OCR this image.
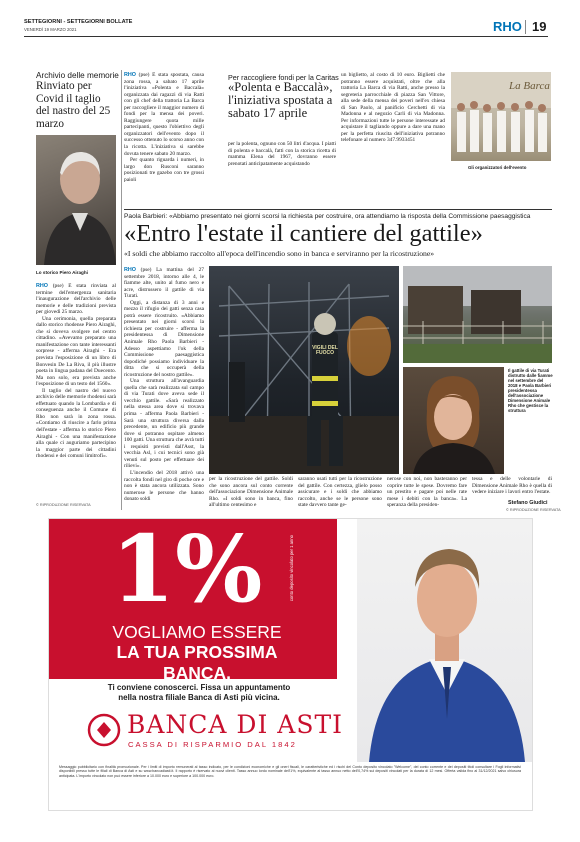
SETTEGIORNI - SETTEGIORNI BOLLATE
VENERDÌ 19 MARZO 2021	RHO 19
Archivio delle memorie
Rinviato per Covid il taglio del nastro del 25 marzo
Lo storico Piero Airaghi

RHO (pse) È stata rinviata al termine dell'emergenza sanitaria l'inaugurazione dell'archivio delle memorie e delle tradizioni prevista per giovedì 25 marzo.

Una cerimonia, quella preparata dallo storico rhodense Piero Airaghi, che si doveva svolgere nel centro cittadino. «Avevamo preparato una manifestazione con tante interessanti sorprese - afferma Airaghi - Era prevista l'esposizione di un libro di Bonvesin De La Riva, il più illustre poeta in lingua padana del Duecento. Ma non solo, era prevista anche l'esposizione di un testo del 1560».

Il taglio del nastro del nuovo archivio delle memorie rhodensi sarà effettuato quando la Lombardia e di conseguenza anche il Comune di Rho non sarà in zona rossa. «Contiamo di riuscire a farlo prima dell'estate - afferma lo storico Piero Airaghi - Con una manifestazione alla quale ci auguriamo partecipino la maggior parte dei cittadini rhodensi e dei comuni limitrofi».

© RIPRODUZIONE RISERVATA

RHO (pse) È stata spostata, causa zona rossa, a sabato 17 aprile l'iniziativa «Polenta e Baccalà» organizzata dai ragazzi di via Ratti con gli chef della trattoria La Barca per raccogliere il maggior numero di fondi per la mensa dei poveri. Raggiungere quota mille partecipanti, questo l'obiettivo degli organizzatori dell'evento dopo il successo ottenuto lo scorso anno con la ricotta. L'iniziativa si sarebbe dovuta tenere sabato 20 marzo.

Per quanto riguarda i numeri, in largo don Rusconi saranno posizionati tre gazebo con tre grossi paioli

Per raccogliere fondi per la Caritas
«Polenta e Baccalà», l'iniziativa spostata a sabato 17 aprile

per la polenta, ognuno con 50 litri d'acqua. I piatti di polenta e baccalà, fatti con la storica ricetta di mamma Elena del 1967, dovranno essere prenotati anticipatamente acquistando

un biglietto, al costo di 10 euro. Biglietti che potranno essere acquistati, oltre che alla trattoria La Barca di via Ratti, anche presso la segreteria parrocchiale di piazza San Vittore, alla sede della mensa dei poveri nell'ex chiesa di San Paolo, al panificio Cerchetti di via Madonna e al negozio Carli di via Madonna. Per informazioni tutte le persone interessate ad acquistare il tagliando oppure a dare una mano per la perfetta riuscita dell'iniziativa potranno telefonare al numero 347.9933451

La Barca
Gli organizzatori dell'evento
Paola Barbieri: «Abbiamo presentato nei giorni scorsi la richiesta per costruire, ora attendiamo la risposta della Commissione paesaggistica
«Entro l'estate il cantiere del gattile»
«I soldi che abbiamo raccolto all'epoca dell'incendio sono in banca e serviranno per la ricostruzione»

RHO (pse) La mattina del 27 settembre 2018, intorno alle 4, le fiamme alte, unito al fumo nero e acre, distrussero il gattile di via Turati.

Oggi, a distanza di 3 anni e mezzo il rifugio dei gatti senza casa potrà essere ricostruito. «Abbiamo presentato nei giorni scorsi la richiesta per costruire - afferma la presidentessa di Dimensione Animale Rho Paola Barbieri - Adesso aspettiamo l'ok della Commissione paesaggistica dopodiché possiamo individuare la ditta che si occuperà della ricostruzione del nostro gattile».

Una struttura all'avanguardia quella che sarà realizzata sul campo di via Turati dove aveva sede il vecchio gattile. «Sarà realizzato nella stessa area dove si trovava prima - afferma Paola Barbieri - Sarà una struttura diversa dalla precedente, un edificio più grande dove si potranno ospitare almeno 100 gatti. Una struttura che avrà tutti i requisiti previsti dall'Asst, la vecchia Asl, i cui tecnici sono già venuti sul posto per effettuare dei rilievi».

L'incendio del 2018 attivò una raccolta fondi nel giro di poche ore e non è stata ancora utilizzata. Sono numerose le persone che hanno donato soldi

VIGILI DEL FUOCO
Il gattile di via Turati distrutto dalle fiamme nel settembre del 2018 e Paola Barbieri presidentessa dell'associazione Dimensione Animale Rho che gestisce la struttura

per la ricostruzione del gattile. Soldi che sono ancora sul conto corrente dell'associazione Dimensione Animale Rho. «I soldi sono in banca, fino all'ultimo centesimo e

saranno usati tutti per la ricostruzione del gattile. Con certezza, glielo posso assicurare e i soldi che abbiamo raccolto, anche se le persone sono state davvero tante ge-

nerose con noi, non basteranno per coprire tutte le spese. Dovremo fare un prestito e pagare poi nelle rate mese i debiti con la banca». La speranza della presiden-

tessa e delle volontarie di Dimensione Animale Rho è quella di vedere iniziare i lavori entro l'estate.

Stefano Giudici
© RIPRODUZIONE RISERVATA
1%	conto deposito vincolato per 1 anno
VOGLIAMO ESSERE
LA TUA PROSSIMA BANCA.
Ti conviene conoscerci. Fissa un appuntamento
nella nostra filiale Banca di Asti più vicina.
BANCA DI ASTI
CASSA DI RISPARMIO DAL 1842
Messaggio pubblicitario con finalità promozionale. Per i limiti di importo remunerati al tasso indicato, per le condizioni economiche e gli oneri fiscali, le caratteristiche ed i rischi del Conto deposito vincolato "Welcome", del conto corrente e dei depositi titoli consultare i Fogli informativi disponibili presso tutte le filiali di Banca di Asti e su www.bancadiasti.it. Il rapporto è riservato ai nuovi clienti. Tasso annuo lordo nominale dell'1%, equivalente al tasso annuo netto dell'0,74% sui depositi vincolati per la durata di 12 mesi. Offerta valida fino al 31/12/2021 salvo chiusura anticipata. L'importo vincolato non può essere inferiore a 10.000 euro e superiore a 100.000 euro.
